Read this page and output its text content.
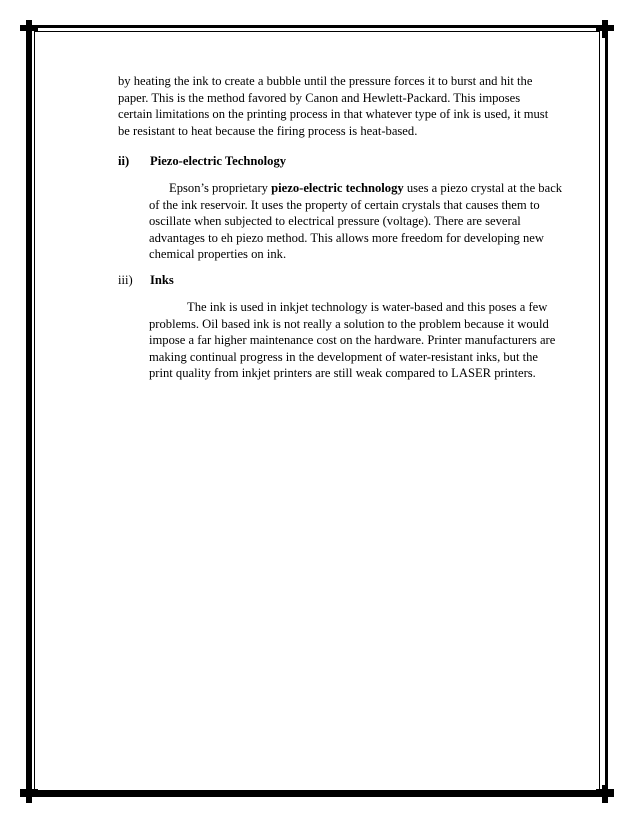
by heating the ink to create a bubble until the pressure forces it to burst and hit the
paper. This is the method favored by Canon and Hewlett-Packard. This imposes
certain limitations on the printing process in that whatever type of ink is used, it must
be resistant to heat because the firing process is heat-based.
ii) Piezo-electric Technology
Epson’s proprietary piezo-electric technology uses a piezo crystal at the back
of the ink reservoir. It uses the property of certain crystals that causes them to
oscillate when subjected to electrical pressure (voltage). There are several
advantages to eh piezo method. This allows more freedom for developing new
chemical properties on ink.
iii) Inks
The ink is used in inkjet technology is water-based and this poses a few
problems. Oil based ink is not really a solution to the problem because it would
impose a far higher maintenance cost on the hardware. Printer manufacturers are
making continual progress in the development of water-resistant inks, but the
print quality from inkjet printers are still weak compared to LASER printers.
